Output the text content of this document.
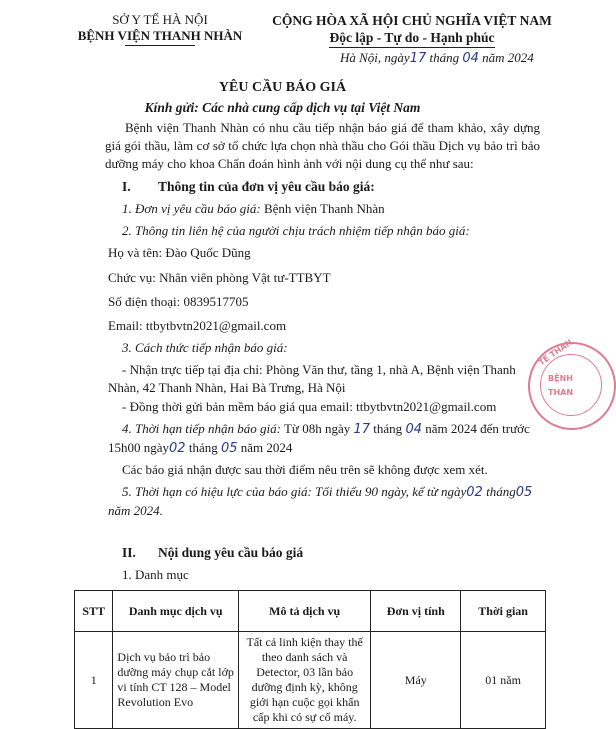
SỞ Y TẾ HÀ NỘI
BỆNH VIỆN THANH NHÀN
CỘNG HÒA XÃ HỘI CHỦ NGHĨA VIỆT NAM
Độc lập - Tự do - Hạnh phúc
Hà Nội, ngày17 tháng 04 năm 2024
YÊU CẦU BÁO GIÁ
Kính gửi: Các nhà cung cấp dịch vụ tại Việt Nam

Bệnh viện Thanh Nhàn có nhu cầu tiếp nhận báo giá để tham khảo, xây dựng giá gói thầu, làm cơ sở tổ chức lựa chọn nhà thầu cho Gói thầu Dịch vụ bảo trì bảo dưỡng máy cho khoa Chẩn đoán hình ảnh với nội dung cụ thể như sau:

I. Thông tin của đơn vị yêu cầu báo giá:
1. Đơn vị yêu cầu báo giá: Bệnh viện Thanh Nhàn
2. Thông tin liên hệ của người chịu trách nhiệm tiếp nhận báo giá:
Họ và tên: Đào Quốc Dũng
Chức vụ: Nhân viên phòng Vật tư-TTBYT
Số điện thoại: 0839517705
Email: ttbytbvtn2021@gmail.com
3. Cách thức tiếp nhận báo giá:

- Nhận trực tiếp tại địa chỉ: Phòng Văn thư, tầng 1, nhà A, Bệnh viện Thanh Nhàn, 42 Thanh Nhàn, Hai Bà Trưng, Hà Nội

- Đồng thời gửi bản mềm báo giá qua email: ttbytbvtn2021@gmail.com

4. Thời hạn tiếp nhận báo giá: Từ 08h ngày 17 tháng 04 năm 2024 đến trước 15h00 ngày02 tháng 05 năm 2024

Các báo giá nhận được sau thời điểm nêu trên sẽ không được xem xét.

5. Thời hạn có hiệu lực của báo giá: Tối thiểu 90 ngày, kể từ ngày02 tháng05 năm 2024.

II. Nội dung yêu cầu báo giá
1. Danh mục
STT	Danh mục dịch vụ	Mô tả dịch vụ	Đơn vị tính	Thời gian
1	Dịch vụ bảo trì bảo dưỡng máy chụp cắt lớp vi tính CT 128 – Model Revolution Evo	Tất cả linh kiện thay thế theo danh sách và Detector, 03 lần bảo dưỡng định kỳ, không giới hạn cuộc gọi khẩn cấp khi có sự cố máy.	Máy	01 năm
TẾ THÀN
BỆNH
THAN
